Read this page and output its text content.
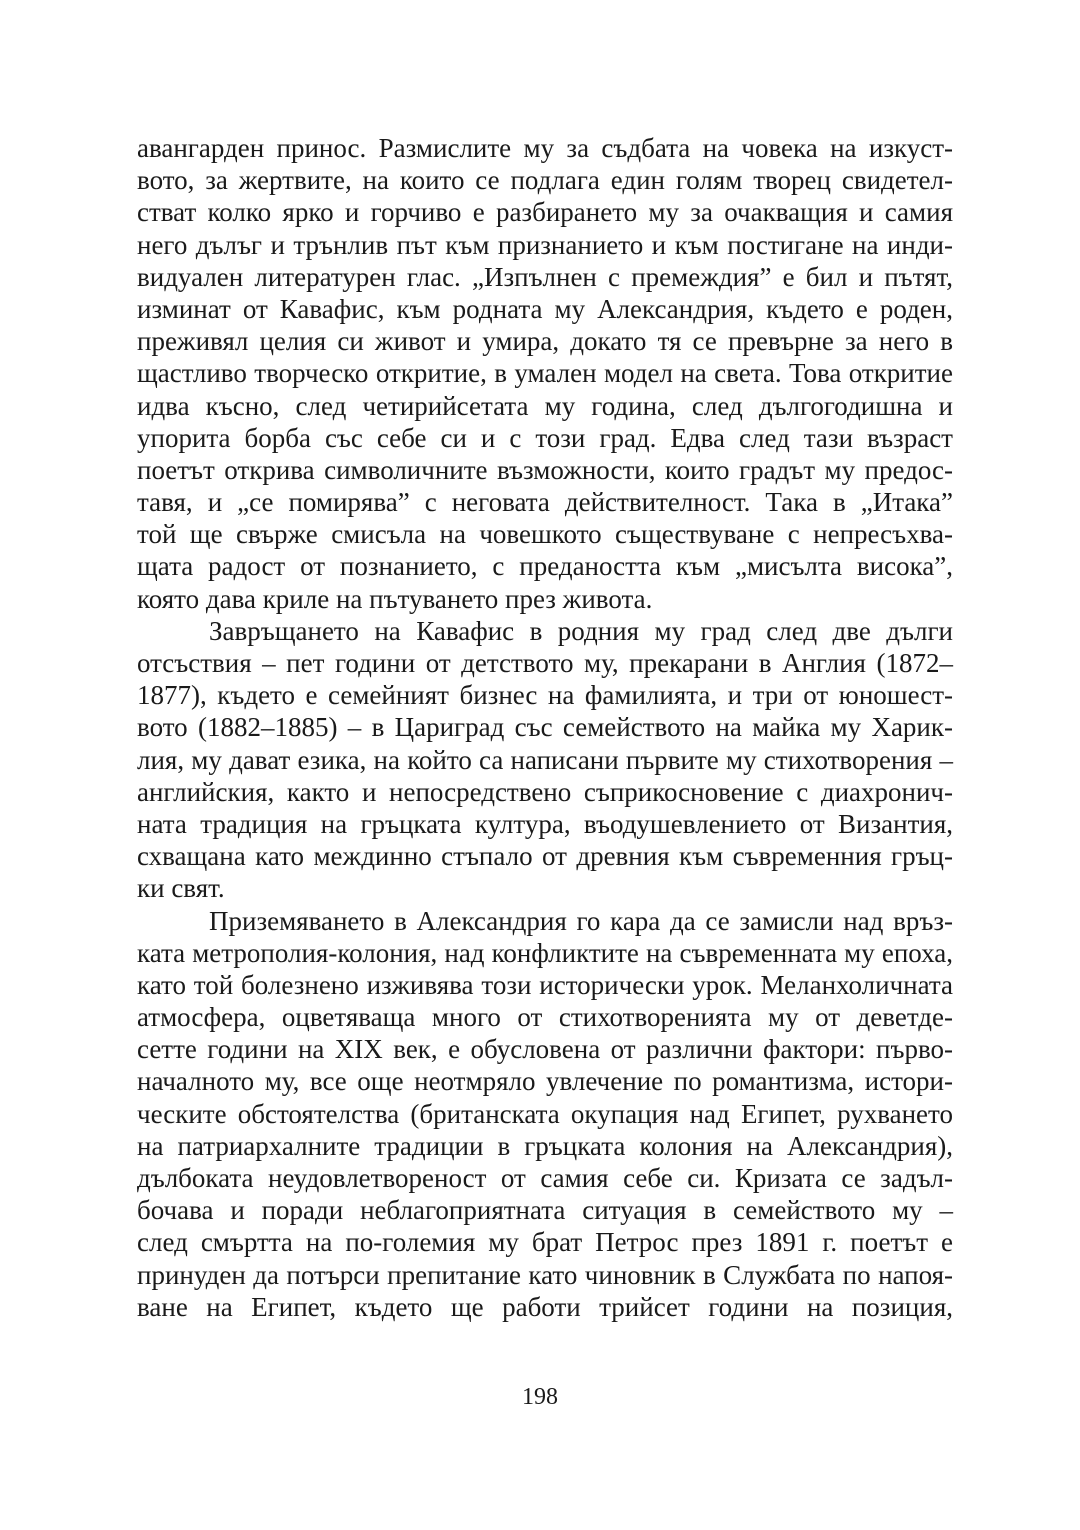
авангарден принос. Размислите му за съдбата на човека на изкуст-
вото, за жертвите, на които се подлага един голям творец свидетел-
стват колко ярко и горчиво е разбирането му за очакващия и самия
него дълъг и трънлив път към признанието и към постигане на инди-
видуален литературен глас. „Изпълнен с премеждия” е бил и пътят,
изминат от Кавафис, към родната му Александрия, където е роден,
преживял целия си живот и умира, докато тя се превърне за него в
щастливо творческо откритие, в умален модел на света. Това откритие
идва късно, след четирийсетата му година, след дългогодишна и
упорита борба със себе си и с този град. Едва след тази възраст
поетът открива символичните възможности, които градът му предос-
тавя, и „се помирява” с неговата действителност. Така в „Итака”
той ще свърже смисъла на човешкото съществуване с непресъхва-
щата радост от познанието, с предаността към „мисълта висока”,
която дава криле на пътуването през живота.
Завръщането на Кавафис в родния му град след две дълги
отсъствия – пет години от детството му, прекарани в Англия (1872–
1877), където е семейният бизнес на фамилията, и три от юношест-
вото (1882–1885) – в Цариград със семейството на майка му Харик-
лия, му дават езика, на който са написани първите му стихотворения –
английския, както и непосредствено съприкосновение с диахронич-
ната традиция на гръцката култура, въодушевлението от Византия,
схващана като междинно стъпало от древния към съвременния гръц-
ки свят.
Приземяването в Александрия го кара да се замисли над връз-
ката метрополия-колония, над конфликтите на съвременната му епоха,
като той болезнено изживява този исторически урок. Меланхоличната
атмосфера, оцветяваща много от стихотворенията му от деветде-
сетте години на XIX век, е обусловена от различни фактори: първо-
началното му, все още неотмряло увлечение по романтизма, истори-
ческите обстоятелства (британската окупация над Египет, рухването
на патриархалните традиции в гръцката колония на Александрия),
дълбоката неудовлетвореност от самия себе си. Кризата се задъл-
бочава и поради неблагоприятната ситуация в семейството му –
след смъртта на по-големия му брат Петрос през 1891 г. поетът е
принуден да потърси препитание като чиновник в Службата по напоя-
ване на Египет, където ще работи трийсет години на позиция,
198
